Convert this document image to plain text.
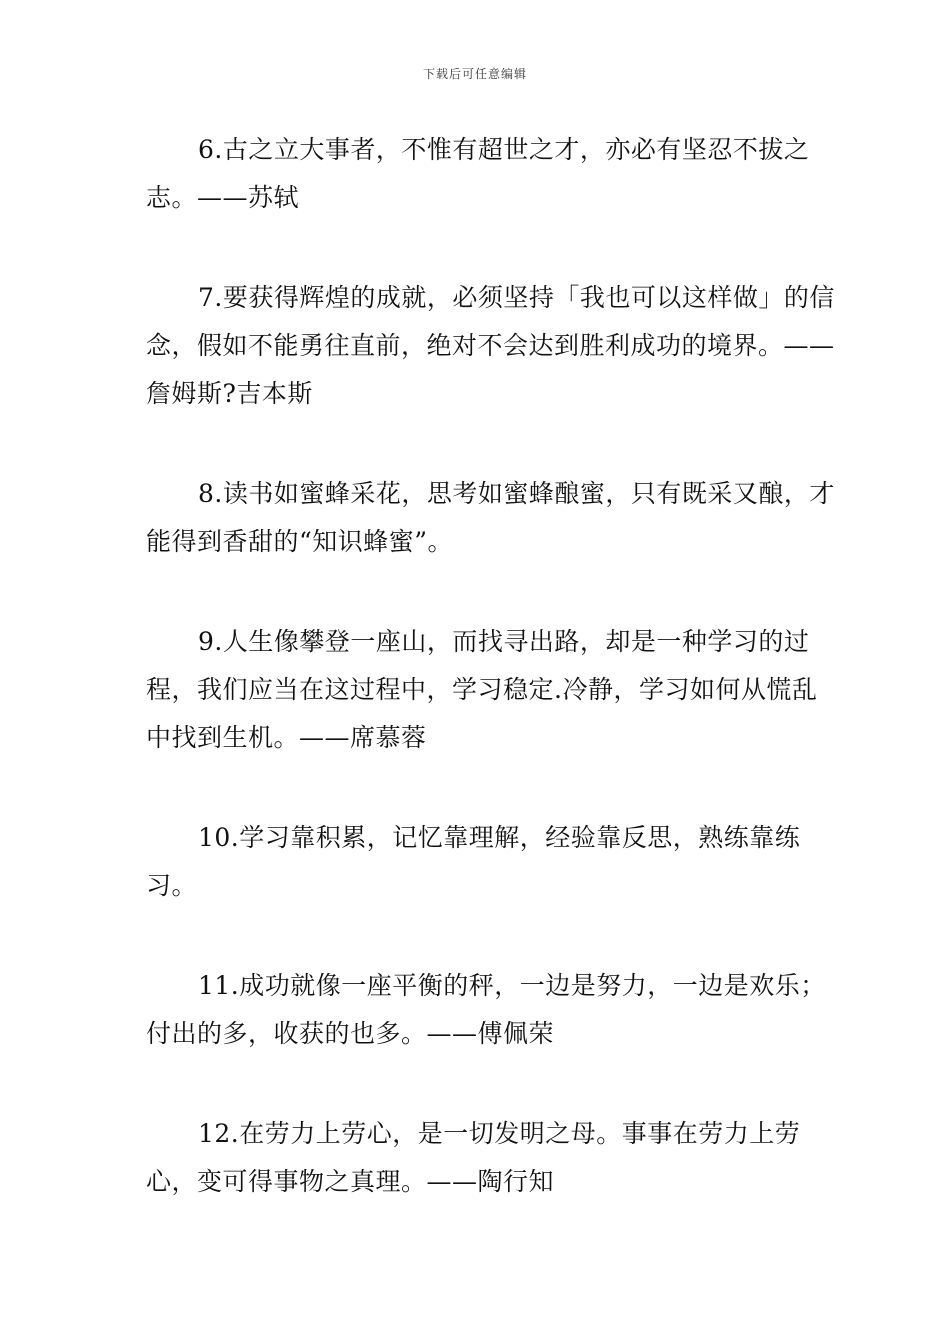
下载后可任意编辑

6.古之立大事者，不惟有超世之才，亦必有坚忍不拔之志。——苏轼

7.要获得辉煌的成就，必须坚持「我也可以这样做」的信念，假如不能勇往直前，绝对不会达到胜利成功的境界。——詹姆斯?吉本斯

8.读书如蜜蜂采花，思考如蜜蜂酿蜜，只有既采又酿，才能得到香甜的“知识蜂蜜”。

9.人生像攀登一座山，而找寻出路，却是一种学习的过程，我们应当在这过程中，学习稳定.冷静，学习如何从慌乱中找到生机。——席慕蓉

10.学习靠积累，记忆靠理解，经验靠反思，熟练靠练习。

11.成功就像一座平衡的秤，一边是努力，一边是欢乐；付出的多，收获的也多。——傅佩荣

12.在劳力上劳心，是一切发明之母。事事在劳力上劳心，变可得事物之真理。——陶行知
